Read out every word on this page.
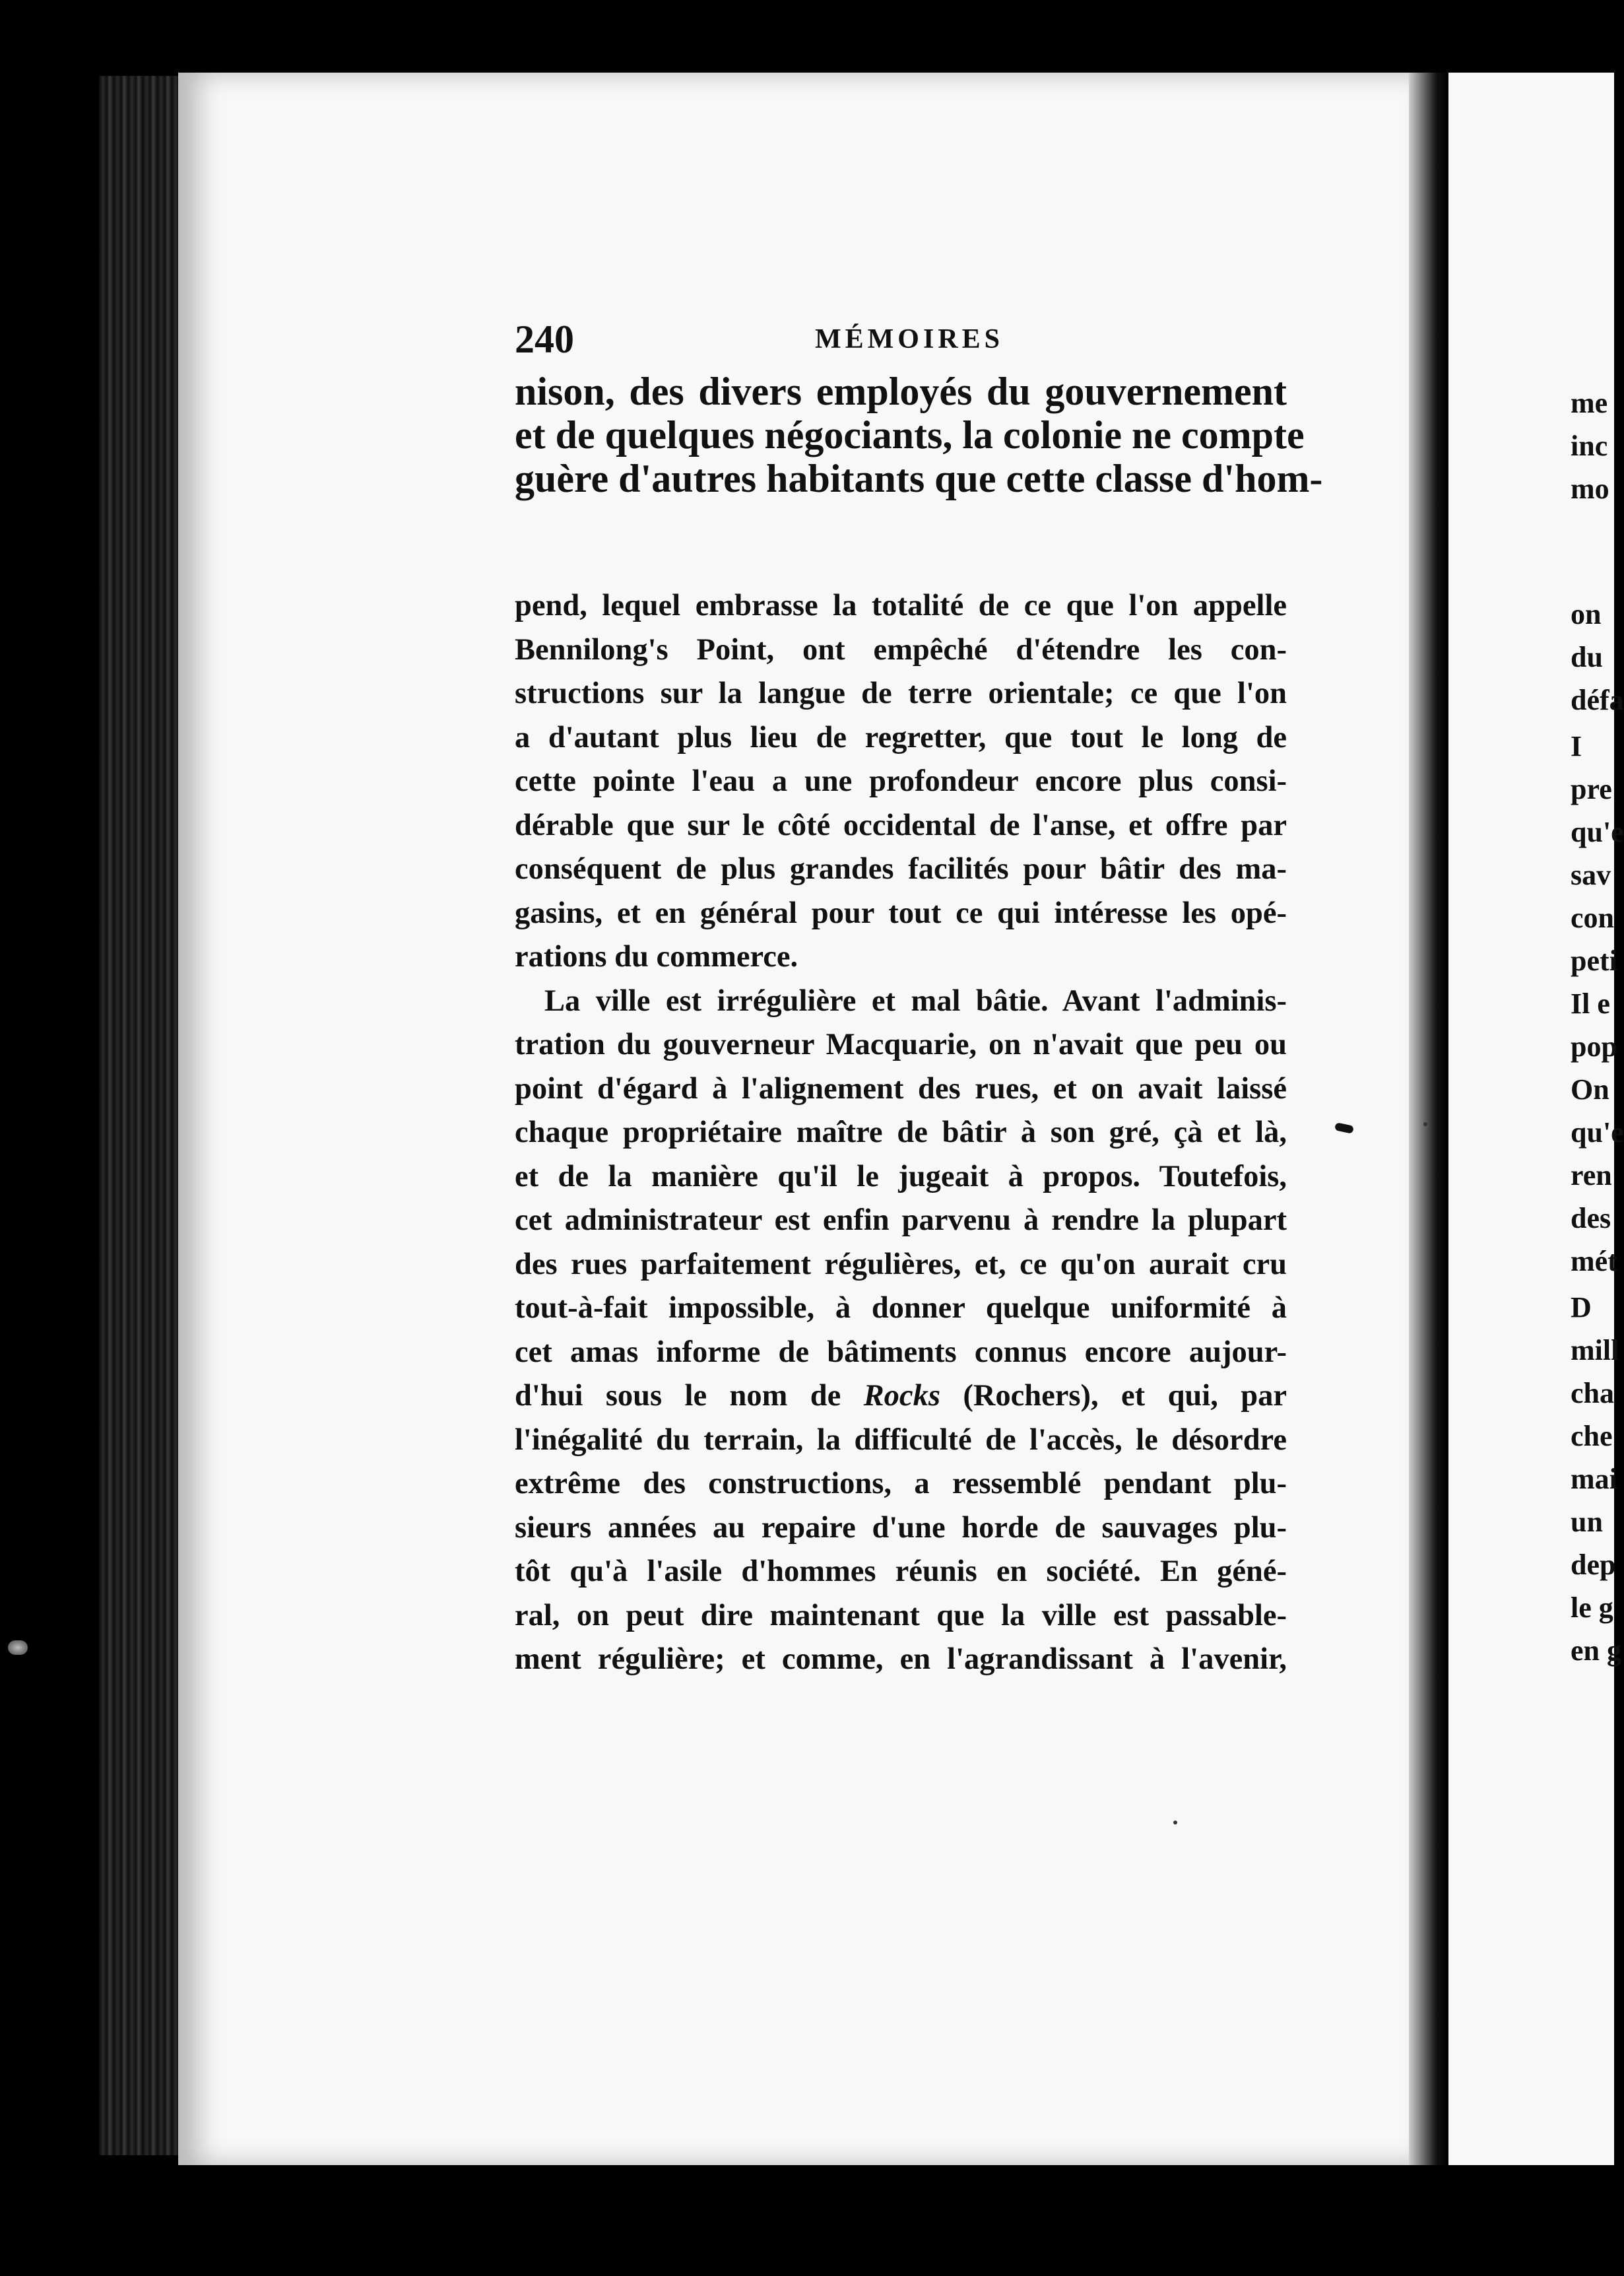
me
inc
mo
on
du
défa
I
pre
qu'e
sav
con
peti
Il e
pop
On
qu'e
ren
des
mét
D
mill
cha
che
mai
un
dep
le g
en g
240	MÉMOIRES
nison, des divers employés du gouvernement
et de quelques négociants, la colonie ne compte
guère d'autres habitants que cette classe d'hom-
pend, lequel embrasse la totalité de ce que l'on appelle
Bennilong's Point, ont empêché d'étendre les con-
structions sur la langue de terre orientale; ce que l'on
a d'autant plus lieu de regretter, que tout le long de
cette pointe l'eau a une profondeur encore plus consi-
dérable que sur le côté occidental de l'anse, et offre par
conséquent de plus grandes facilités pour bâtir des ma-
gasins, et en général pour tout ce qui intéresse les opé-
rations du commerce.
La ville est irrégulière et mal bâtie. Avant l'adminis-
tration du gouverneur Macquarie, on n'avait que peu ou
point d'égard à l'alignement des rues, et on avait laissé
chaque propriétaire maître de bâtir à son gré, çà et là,
et de la manière qu'il le jugeait à propos. Toutefois,
cet administrateur est enfin parvenu à rendre la plupart
des rues parfaitement régulières, et, ce qu'on aurait cru
tout-à-fait impossible, à donner quelque uniformité à
cet amas informe de bâtiments connus encore aujour-
d'hui sous le nom de Rocks (Rochers), et qui, par
l'inégalité du terrain, la difficulté de l'accès, le désordre
extrême des constructions, a ressemblé pendant plu-
sieurs années au repaire d'une horde de sauvages plu-
tôt qu'à l'asile d'hommes réunis en société. En géné-
ral, on peut dire maintenant que la ville est passable-
ment régulière; et comme, en l'agrandissant à l'avenir,
